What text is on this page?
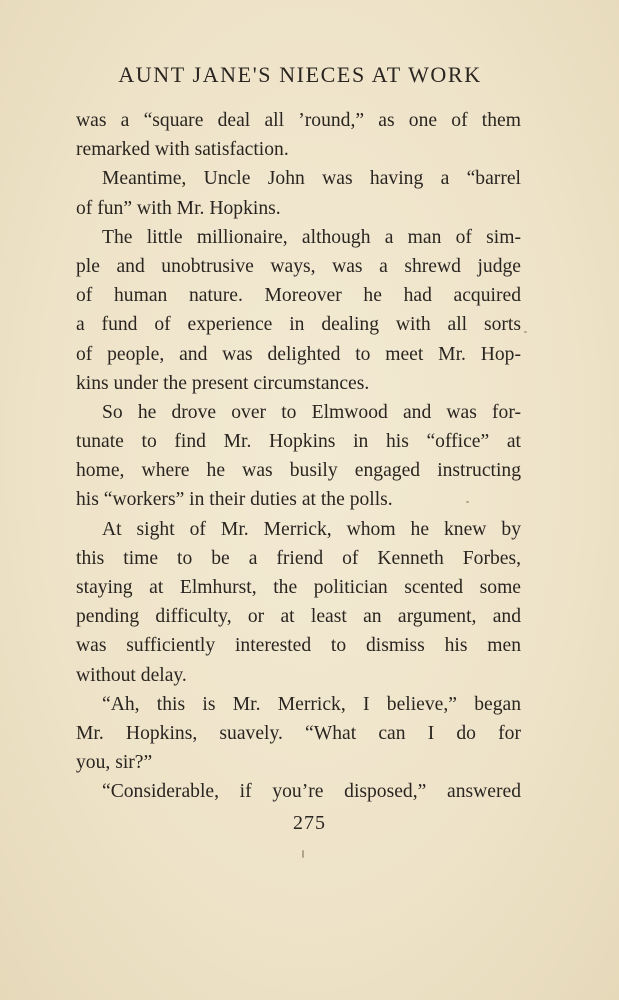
AUNT JANE'S NIECES AT WORK
was a “square deal all ’round,” as one of them
remarked with satisfaction.
Meantime, Uncle John was having a “barrel
of fun” with Mr. Hopkins.
The little millionaire, although a man of sim-
ple and unobtrusive ways, was a shrewd judge
of human nature. Moreover he had acquired
a fund of experience in dealing with all sorts
of people, and was delighted to meet Mr. Hop-
kins under the present circumstances.
So he drove over to Elmwood and was for-
tunate to find Mr. Hopkins in his “office” at
home, where he was busily engaged instructing
his “workers” in their duties at the polls.
At sight of Mr. Merrick, whom he knew by
this time to be a friend of Kenneth Forbes,
staying at Elmhurst, the politician scented some
pending difficulty, or at least an argument, and
was sufficiently interested to dismiss his men
without delay.
“Ah, this is Mr. Merrick, I believe,” began
Mr. Hopkins, suavely. “What can I do for
you, sir?”
“Considerable, if you’re disposed,” answered
275
